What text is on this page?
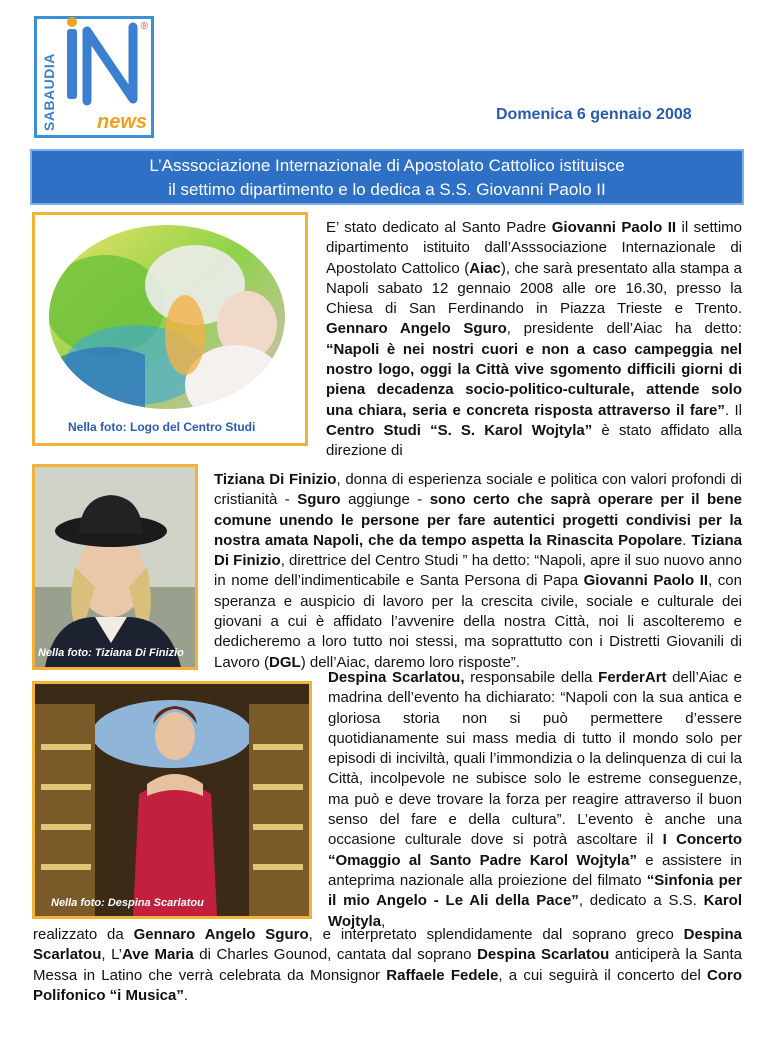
SABAUDIA news
®
Domenica 6 gennaio 2008
L’Asssociazione Internazionale di Apostolato Cattolico istituisce
il settimo dipartimento e lo dedica a S.S. Giovanni Paolo II
Nella foto: Logo del Centro Studi
Nella foto: Tiziana Di Finizio
Nella foto: Despina Scarlatou

E’ stato dedicato al Santo Padre Giovanni Paolo II il settimo dipartimento istituito dall’Asssociazione Internazionale di Apostolato Cattolico (Aiac), che sarà presentato alla stampa a Napoli sabato 12 gennaio 2008 alle ore 16.30, presso la Chiesa di San Ferdinando in Piazza Trieste e Trento. Gennaro Angelo Sguro, presidente dell’Aiac ha detto: “Napoli è nei nostri cuori e non a caso campeggia nel nostro logo, oggi la Città vive sgomento difficili giorni di piena decadenza socio-politico-culturale, attende solo una chiara, seria e concreta risposta attraverso il fare”. Il Centro Studi “S. S. Karol Wojtyla” è stato affidato alla direzione di

Tiziana Di Finizio, donna di esperienza sociale e politica con valori profondi di cristianità - Sguro aggiunge - sono certo che saprà operare per il bene comune unendo le persone per fare autentici progetti condivisi per la nostra amata Napoli, che da tempo aspetta la Rinascita Popolare. Tiziana Di Finizio, direttrice del Centro Studi ” ha detto: “Napoli, apre il suo nuovo anno in nome dell’indimenticabile e Santa Persona di Papa Giovanni Paolo II, con speranza e auspicio di lavoro per la crescita civile, sociale e culturale dei giovani a cui è affidato l’avvenire della nostra Città, noi li ascolteremo e dedicheremo a loro tutto noi stessi, ma soprattutto con i Distretti Giovanili di Lavoro (DGL) dell’Aiac, daremo loro risposte”.

Despina Scarlatou, responsabile della FerderArt dell’Aiac e madrina dell’evento ha dichiarato: “Napoli con la sua antica e gloriosa storia non si può permettere d’essere quotidianamente sui mass media di tutto il mondo solo per episodi di inciviltà, quali l’immondizia o la delinquenza di cui la Città, incolpevole ne subisce solo le estreme conseguenze, ma può e deve trovare la forza per reagire attraverso il buon senso del fare e della cultura”. L’evento è anche una occasione culturale dove si potrà ascoltare il I Concerto “Omaggio al Santo Padre Karol Wojtyla” e assistere in anteprima nazionale alla proiezione del filmato “Sinfonia per il mio Angelo - Le Ali della Pace”, dedicato a S.S. Karol Wojtyla,

realizzato da Gennaro Angelo Sguro, e interpretato splendidamente dal soprano greco Despina Scarlatou, L’Ave Maria di Charles Gounod, cantata dal soprano Despina Scarlatou anticiperà la Santa Messa in Latino che verrà celebrata da Monsignor Raffaele Fedele, a cui seguirà il concerto del Coro Polifonico “i Musica”.
